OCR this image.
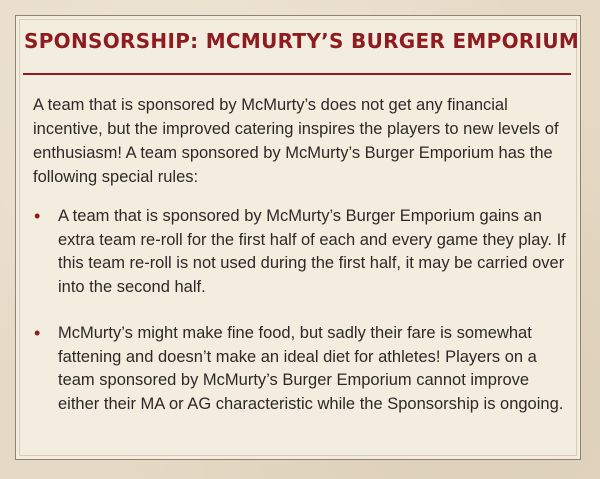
SPONSORSHIP: MCMURTY’S BURGER EMPORIUM

A team that is sponsored by McMurty’s does not get any financial incentive, but the improved catering inspires the players to new levels of enthusiasm! A team sponsored by McMurty’s Burger Emporium has the following special rules:

• A team that is sponsored by McMurty’s Burger Emporium gains an extra team re-roll for the first half of each and every game they play. If this team re-roll is not used during the first half, it may be carried over into the second half.
• McMurty’s might make fine food, but sadly their fare is somewhat fattening and doesn’t make an ideal diet for athletes! Players on a team sponsored by McMurty’s Burger Emporium cannot improve either their MA or AG characteristic while the Sponsorship is ongoing.
